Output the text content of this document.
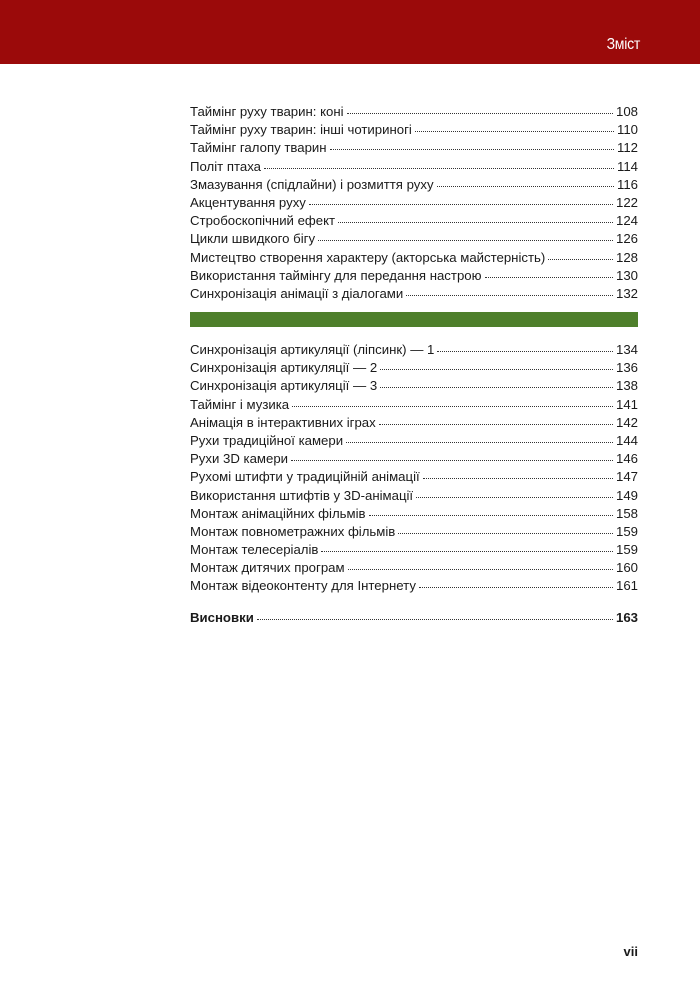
Зміст
Таймінг руху тварин: коні	108
Таймінг руху тварин: інші чотириногі	110
Таймінг галопу тварин	112
Політ птаха	114
Змазування (спідлайни) і розмиття руху	116
Акцентування руху	122
Стробоскопічний ефект	124
Цикли швидкого бігу	126
Мистецтво створення характеру (акторська майстерність)	128
Використання таймінгу для передання настрою	130
Синхронізація анімації з діалогами	132
Синхронізація артикуляції (ліпсинк) — 1	134
Синхронізація артикуляції — 2	136
Синхронізація артикуляції — 3	138
Таймінг і музика	141
Анімація в інтерактивних іграх	142
Рухи традиційної камери	144
Рухи 3D камери	146
Рухомі штифти у традиційній анімації	147
Використання штифтів у 3D-анімації	149
Монтаж анімаційних фільмів	158
Монтаж повнометражних фільмів	159
Монтаж телесеріалів	159
Монтаж дитячих програм	160
Монтаж відеоконтенту для Інтернету	161
Висновки	163
vii
